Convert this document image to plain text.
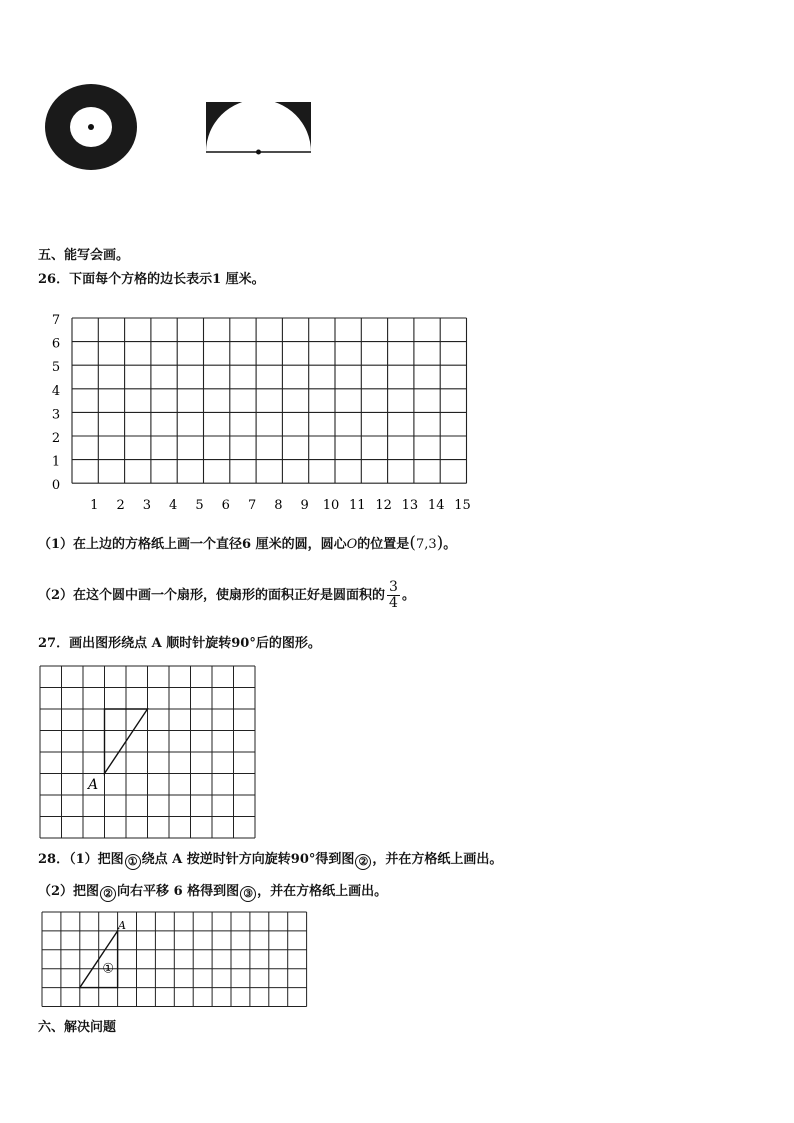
五、能写会画。
26．下面每个方格的边长表示1 厘米。
1 2 3 4 5 6 7 8 9 10 11 12 13 14 15
0
1
2
3
4
5
6
7
（1）在上边的方格纸上画一个直径6 厘米的圆，圆心O的位置是(7,3)。
（2）在这个圆中画一个扇形，使扇形的面积正好是圆面积的 $\frac{3}{4}$ 。
27．画出图形绕点 A 顺时针旋转90°后的图形。
A
28．（1）把图 ① 绕点 A 按逆时针方向旋转90°得到图 ② ，并在方格纸上画出。
（2）把图 ② 向右平移 6 格得到图 ③ ，并在方格纸上画出。
①
A
六、解决问题
